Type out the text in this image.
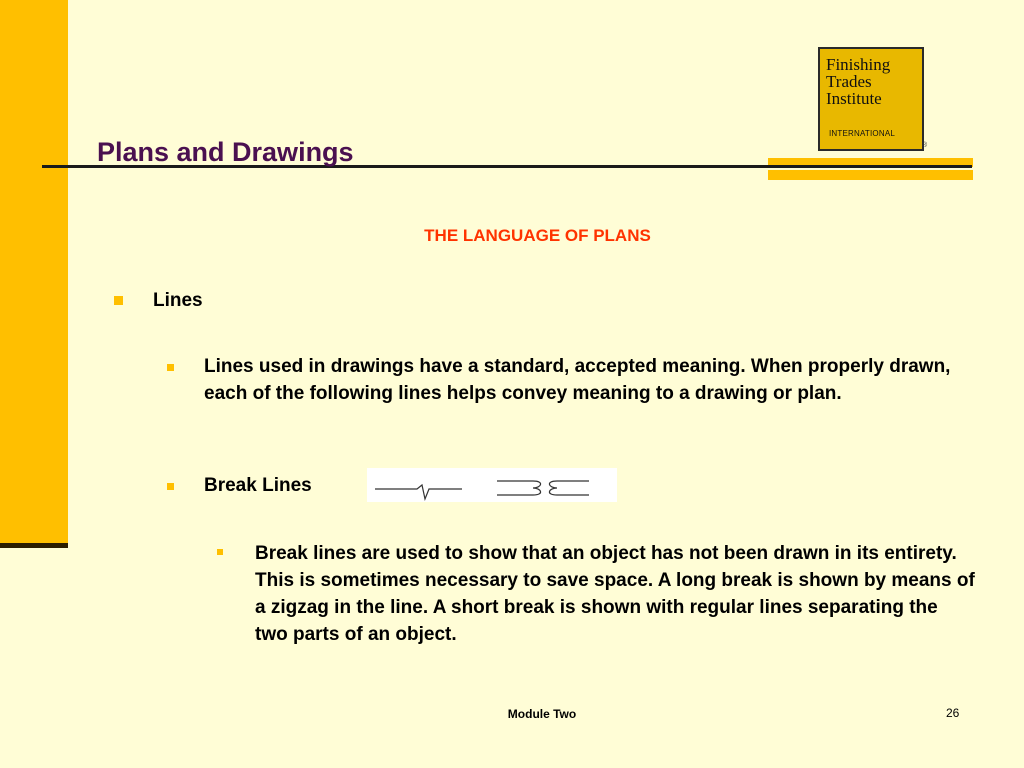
Plans and Drawings
Finishing
Trades
Institute
INTERNATIONAL
®
THE LANGUAGE OF PLANS
Lines
Lines used in drawings have a standard, accepted meaning. When properly drawn, each of the following lines helps convey meaning to a drawing or plan.
Break Lines
Break lines are used to show that an object has not been drawn in its entirety. This is sometimes necessary to save space. A long break is shown by means of a zigzag in the line. A short break is shown with regular lines separating the two parts of an object.
Module Two	26
